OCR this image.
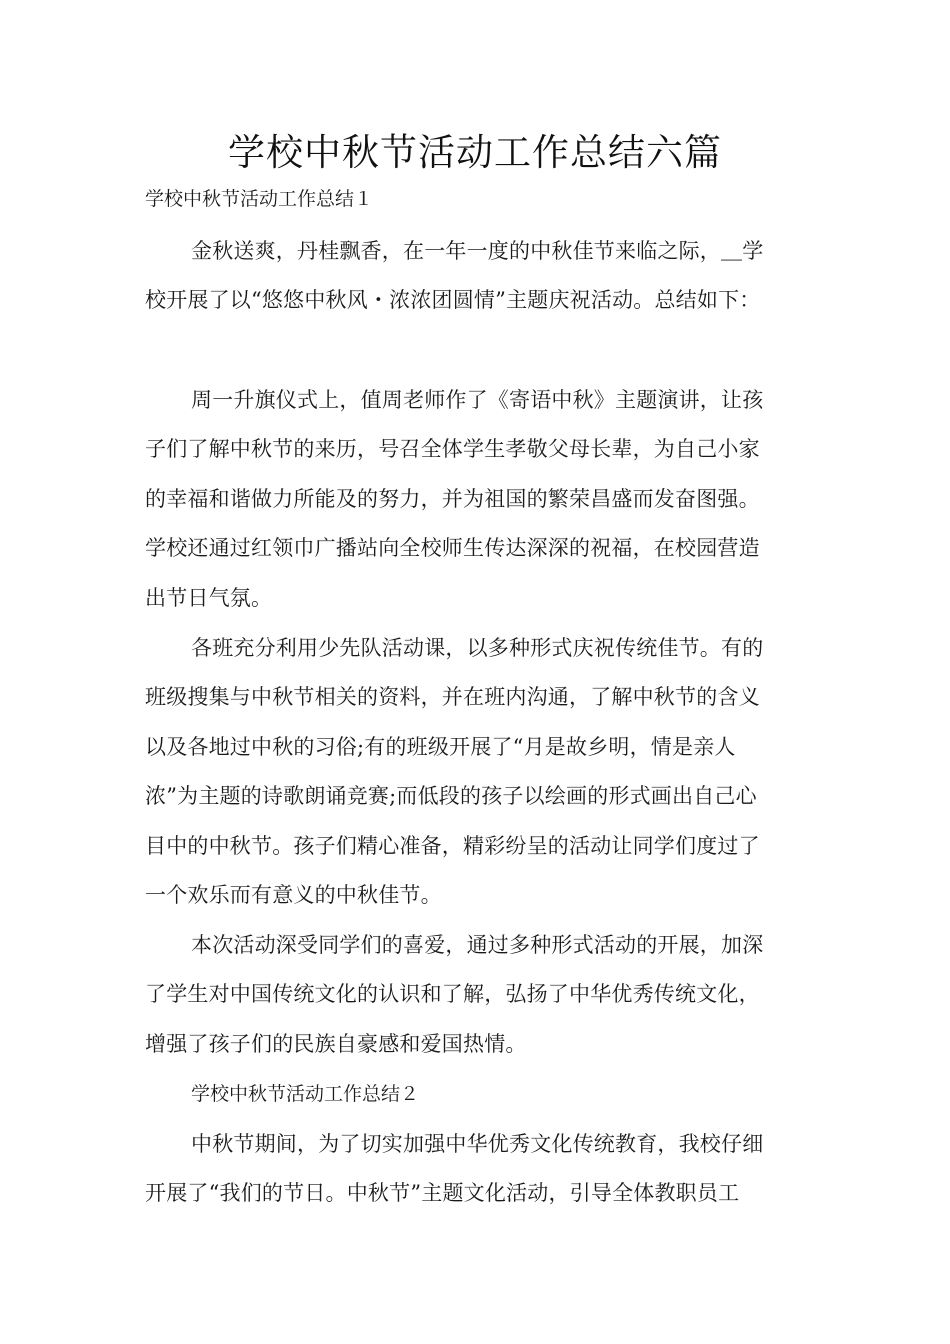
学校中秋节活动工作总结六篇
学校中秋节活动工作总结１
金秋送爽，丹桂飘香，在一年一度的中秋佳节来临之际，＿学
校开展了以“悠悠中秋风・浓浓团圆情”主题庆祝活动。总结如下：
周一升旗仪式上，值周老师作了《寄语中秋》主题演讲，让孩
子们了解中秋节的来历，号召全体学生孝敬父母长辈，为自己小家
的幸福和谐做力所能及的努力，并为祖国的繁荣昌盛而发奋图强。
学校还通过红领巾广播站向全校师生传达深深的祝福，在校园营造
出节日气氛。
各班充分利用少先队活动课，以多种形式庆祝传统佳节。有的
班级搜集与中秋节相关的资料，并在班内沟通，了解中秋节的含义
以及各地过中秋的习俗;有的班级开展了“月是故乡明，情是亲人
浓”为主题的诗歌朗诵竞赛;而低段的孩子以绘画的形式画出自己心
目中的中秋节。孩子们精心准备，精彩纷呈的活动让同学们度过了
一个欢乐而有意义的中秋佳节。
本次活动深受同学们的喜爱，通过多种形式活动的开展，加深
了学生对中国传统文化的认识和了解，弘扬了中华优秀传统文化，
增强了孩子们的民族自豪感和爱国热情。
学校中秋节活动工作总结２
中秋节期间，为了切实加强中华优秀文化传统教育，我校仔细
开展了“我们的节日。中秋节”主题文化活动，引导全体教职员工
